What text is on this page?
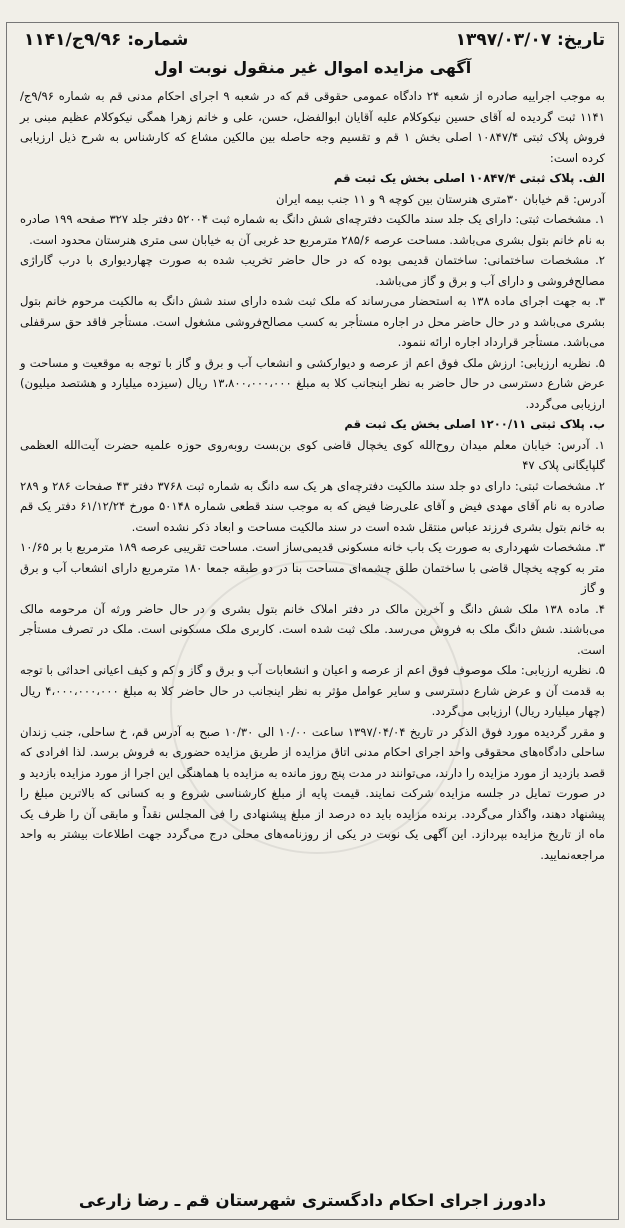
تاریخ: ۱۳۹۷/۰۳/۰۷
شماره: ۹/۹۶ج/۱۱۴۱
آگهی مزایده اموال غیر منقول نوبت اول

به موجب اجراییه صادره از شعبه ۲۴ دادگاه عمومی حقوقی قم که در شعبه ۹ اجرای احکام مدنی قم به شماره ۹/۹۶ج/۱۱۴۱ ثبت گردیده له آقای حسین نیکوکلام علیه آقایان ابوالفضل، حسن، علی و خانم زهرا همگی نیکوکلام عظیم مبنی بر فروش پلاک ثبتی ۱۰۸۴۷/۴ اصلی بخش ۱ قم و تقسیم وجه حاصله بین مالکین مشاع که کارشناس به شرح ذیل ارزیابی کرده است:

الف. پلاک ثبتی ۱۰۸۴۷/۴ اصلی بخش یک ثبت قم

آدرس: قم خیابان ۳۰متری هنرستان بین کوچه ۹ و ۱۱ جنب بیمه ایران

۱. مشخصات ثبتی: دارای یک جلد سند مالکیت دفترچه‌ای شش دانگ به شماره ثبت ۵۲۰۰۴ دفتر جلد ۳۲۷ صفحه ۱۹۹ صادره به نام خانم بتول بشری می‌باشد. مساحت عرصه ۲۸۵/۶ مترمربع حد غربی آن به خیابان سی متری هنرستان محدود است.

۲. مشخصات ساختمانی: ساختمان قدیمی بوده که در حال حاضر تخریب شده به صورت چهاردیواری با درب گاراژی مصالح‌فروشی و دارای آب و برق و گاز می‌باشد.

۳. به جهت اجرای ماده ۱۳۸ به استحضار می‌رساند که ملک ثبت شده دارای سند شش دانگ به مالکیت مرحوم خانم بتول بشری می‌باشد و در حال حاضر محل در اجاره مستأجر به کسب مصالح‌فروشی مشغول است. مستأجر فاقد حق سرقفلی می‌باشد. مستأجر قرارداد اجاره ارائه ننمود.

۵. نظریه ارزیابی: ارزش ملک فوق اعم از عرصه و دیوارکشی و انشعاب آب و برق و گاز با توجه به موقعیت و مساحت و عرض شارع دسترسی در حال حاضر به نظر اینجانب کلا به مبلغ ۱۳،۸۰۰،۰۰۰،۰۰۰ ریال (سیزده میلیارد و هشتصد میلیون) ارزیابی می‌گردد.

ب. پلاک ثبتی ۱۲۰۰/۱۱ اصلی بخش یک ثبت قم

۱. آدرس: خیابان معلم میدان روح‌الله کوی یخچال قاضی کوی بن‌بست روبه‌روی حوزه علمیه حضرت آیت‌الله العظمی گلپایگانی پلاک ۴۷

۲. مشخصات ثبتی: دارای دو جلد سند مالکیت دفترچه‌ای هر یک سه دانگ به شماره ثبت ۳۷۶۸ دفتر ۴۳ صفحات ۲۸۶ و ۲۸۹ صادره به نام آقای مهدی فیض و آقای علی‌رضا فیض که به موجب سند قطعی شماره ۵۰۱۴۸ مورخ ۶۱/۱۲/۲۴ دفتر یک قم به خانم بتول بشری فرزند عباس منتقل شده است در سند مالکیت مساحت و ابعاد ذکر نشده است.

۳. مشخصات شهرداری به صورت یک باب خانه مسکونی قدیمی‌ساز است. مساحت تقریبی عرصه ۱۸۹ مترمربع با بر ۱۰/۶۵ متر به کوچه یخچال قاضی با ساختمان طلق چشمه‌ای مساحت بنا در دو طبقه جمعا ۱۸۰ مترمربع دارای انشعاب آب و برق و گاز

۴. ماده ۱۳۸ ملک شش دانگ و آخرین مالک در دفتر املاک خانم بتول بشری و در حال حاضر ورثه آن مرحومه مالک می‌باشند. شش دانگ ملک به فروش می‌رسد. ملک ثبت شده است. کاربری ملک مسکونی است. ملک در تصرف مستأجر است.

۵. نظریه ارزیابی: ملک موصوف فوق اعم از عرصه و اعیان و انشعابات آب و برق و گاز و کم و کیف اعیانی احداثی با توجه به قدمت آن و عرض شارع دسترسی و سایر عوامل مؤثر به نظر اینجانب در حال حاضر کلا به مبلغ ۴،۰۰۰،۰۰۰،۰۰۰ ریال (چهار میلیارد ریال) ارزیابی می‌گردد.

و مقرر گردیده مورد فوق الذکر در تاریخ ۱۳۹۷/۰۴/۰۴ ساعت ۱۰/۰۰ الی ۱۰/۳۰ صبح به آدرس قم، خ ساحلی، جنب زندان ساحلی دادگاه‌های محقوقی واحد اجرای احکام مدنی اتاق مزایده از طریق مزایده حضوری به فروش برسد. لذا افرادی که قصد بازدید از مورد مزایده را دارند، می‌توانند در مدت پنج روز مانده به مزایده با هماهنگی این اجرا از مورد مزایده بازدید و در صورت تمایل در جلسه مزایده شرکت نمایند. قیمت پایه از مبلغ کارشناسی شروع و به کسانی که بالاترین مبلغ را پیشنهاد دهند، واگذار می‌گردد. برنده مزایده باید ده درصد از مبلغ پیشنهادی را فی المجلس نقداً و مابقی آن را ظرف یک ماه از تاریخ مزایده بپردازد. این آگهی یک نوبت در یکی از روزنامه‌های محلی درج می‌گردد جهت اطلاعات بیشتر به واحد مراجعه‌نمایید.

دادورز اجرای احکام دادگستری شهرستان قم ـ رضا زارعی
